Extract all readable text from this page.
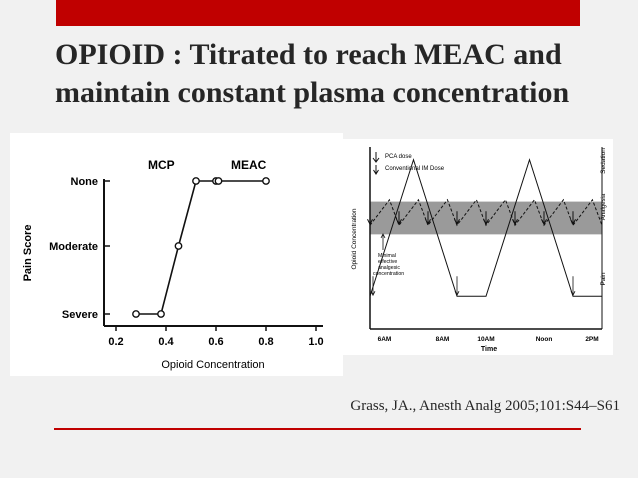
OPIOID : Titrated to reach MEAC and
maintain constant plasma concentration
Pain Score
Opioid Concentration
0.2	0.4	0.6	0.8	1.0
Severe
Moderate
None
MCP	MEAC
Opioid Concentration
Time
6AM	8AM	10AM	Noon	2PM
Sedation
Analgesia
Pain
PCA dose
Conventional IM Dose
Minimal effective analgesic concentration
Grass, JA., Anesth Analg 2005;101:S44–S61
